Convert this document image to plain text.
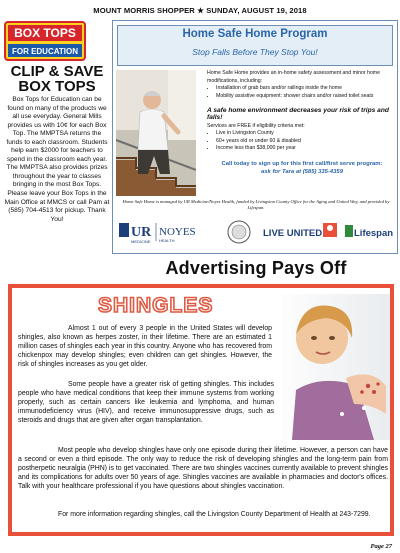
MOUNT MORRIS SHOPPER ★ SUNDAY, AUGUST 19, 2018
BOX TOPS
FOR EDUCATION
CLIP & SAVE
BOX TOPS
Box Tops for Education can be found on many of the products we all use everyday. General Mills provides us with 10¢ for each Box Top. The MMPTSA returns the funds to each classroom. Students help earn $2000 for teachers to spend in the classroom each year. The MMPTSA also provides prizes throughout the year to classes bringing in the most Box Tops. Please leave your Box Tops in the Main Office at MMCS or call Pam at (585) 704-4513 for pickup. Thank You!
Home Safe Home Program
Stop Falls Before They Stop You!
Home Safe Home provides an in-home safety assessment and minor home modifications, including:
• Installation of grab bars and/or railings inside the home
• Mobility assistive equipment: shower chairs and/or raised toilet seats
A safe home environment decreases your risk of trips and falls!
Services are FREE if eligibility criteria met:
• Live in Livingston County
• 60+ years old or under 60 & disabled
• Income less than $38,000 per year
Call today to sign up for this first call/first serve program:
ask for Tara at (585) 335-4359
Home Safe Home is managed by UR Medicine/Noyes Health, funded by Livingston County Office for the Aging and United Way, and provided by Lifespan.
UR
MEDICINE
NOYES
HEALTH
LIVE UNITED	Lifespan
Advertising Pays Off
SHINGLES

Almost 1 out of every 3 people in the United States will develop shingles, also known as herpes zoster, in their lifetime. There are an estimated 1 million cases of shingles each year in this country. Anyone who has recovered from chickenpox may develop shingles; even children can get shingles. However, the risk of shingles increases as you get older.

Some people have a greater risk of getting shingles. This includes people who have medical conditions that keep their immune systems from working properly, such as certain cancers like leukemia and lymphoma, and human immunodeficiency virus (HIV), and receive immunosuppressive drugs, such as steroids and drugs that are given after organ transplantation.

Most people who develop shingles have only one episode during their lifetime. However, a person can have a second or even a third episode. The only way to reduce the risk of developing shingles and the long-term pain from postherpetic neuralgia (PHN) is to get vaccinated. There are two shingles vaccines currently available to prevent shingles and its complications for adults over 50 years of age. Shingles vaccines are available in pharmacies and doctor's offices. Talk with your healthcare professional if you have questions about shingles vaccination.

For more information regarding shingles, call the Livingston County Department of Health at 243-7299.

Page 27
